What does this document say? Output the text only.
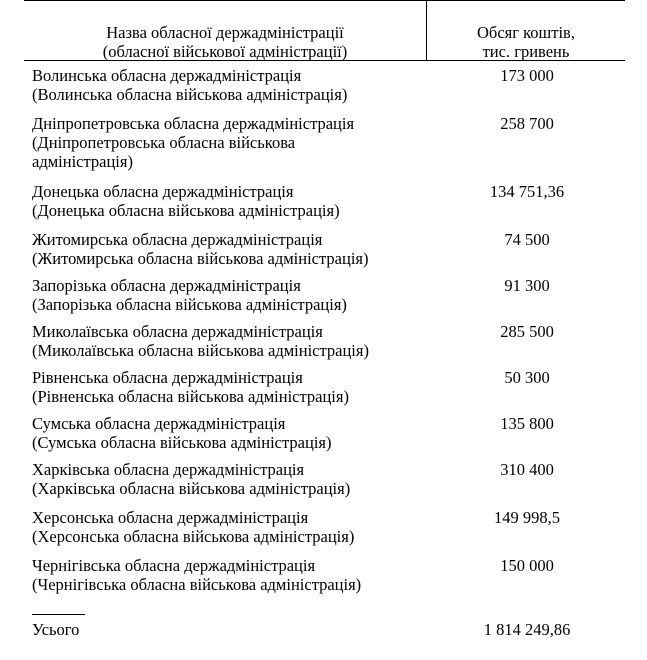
Назва обласної держадміністрації
(обласної військової адміністрації)
Обсяг коштів,
тис. гривень
Волинська обласна держадміністрація
(Волинська обласна військова адміністрація)
173 000
Дніпропетровська обласна держадміністрація
(Дніпропетровська обласна військова
адміністрація)
258 700
Донецька обласна держадміністрація
(Донецька обласна військова адміністрація)
134 751,36
Житомирська обласна держадміністрація
(Житомирська обласна військова адміністрація)
74 500
Запорізька обласна держадміністрація
(Запорізька обласна військова адміністрація)
91 300
Миколаївська обласна держадміністрація
(Миколаївська обласна військова адміністрація)
285 500
Рівненська обласна держадміністрація
(Рівненська обласна військова адміністрація)
50 300
Сумська обласна держадміністрація
(Сумська обласна військова адміністрація)
135 800
Харківська обласна держадміністрація
(Харківська обласна військова адміністрація)
310 400
Херсонська обласна держадміністрація
(Херсонська обласна військова адміністрація)
149 998,5
Чернігівська обласна держадміністрація
(Чернігівська обласна військова адміністрація)
150 000
Усього	1 814 249,86
